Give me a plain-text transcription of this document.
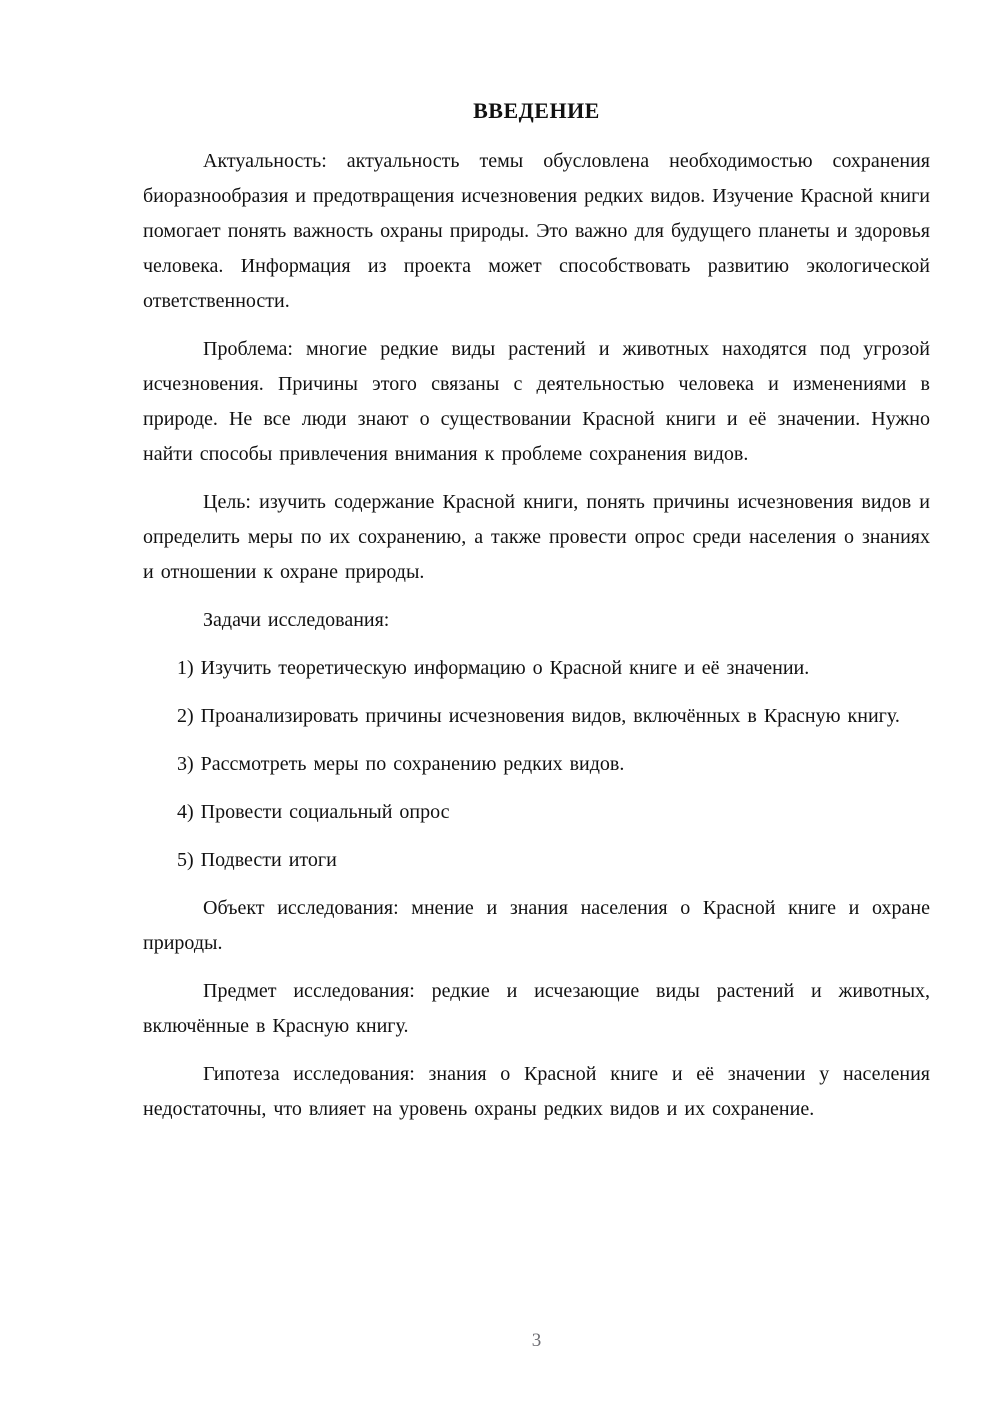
ВВЕДЕНИЕ

Актуальность: актуальность темы обусловлена необходимостью сохранения биоразнообразия и предотвращения исчезновения редких видов. Изучение Красной книги помогает понять важность охраны природы. Это важно для будущего планеты и здоровья человека. Информация из проекта может способствовать развитию экологической ответственности.

Проблема: многие редкие виды растений и животных находятся под угрозой исчезновения. Причины этого связаны с деятельностью человека и изменениями в природе. Не все люди знают о существовании Красной книги и её значении. Нужно найти способы привлечения внимания к проблеме сохранения видов.

Цель: изучить содержание Красной книги, понять причины исчезновения видов и определить меры по их сохранению, а также провести опрос среди населения о знаниях и отношении к охране природы.

Задачи исследования:

1) Изучить теоретическую информацию о Красной книге и её значении.

2) Проанализировать причины исчезновения видов, включённых в Красную книгу.

3) Рассмотреть меры по сохранению редких видов.

4) Провести социальный опрос

5) Подвести итоги

Объект исследования: мнение и знания населения о Красной книге и охране природы.

Предмет исследования: редкие и исчезающие виды растений и животных, включённые в Красную книгу.

Гипотеза исследования: знания о Красной книге и её значении у населения недостаточны, что влияет на уровень охраны редких видов и их сохранение.

3
